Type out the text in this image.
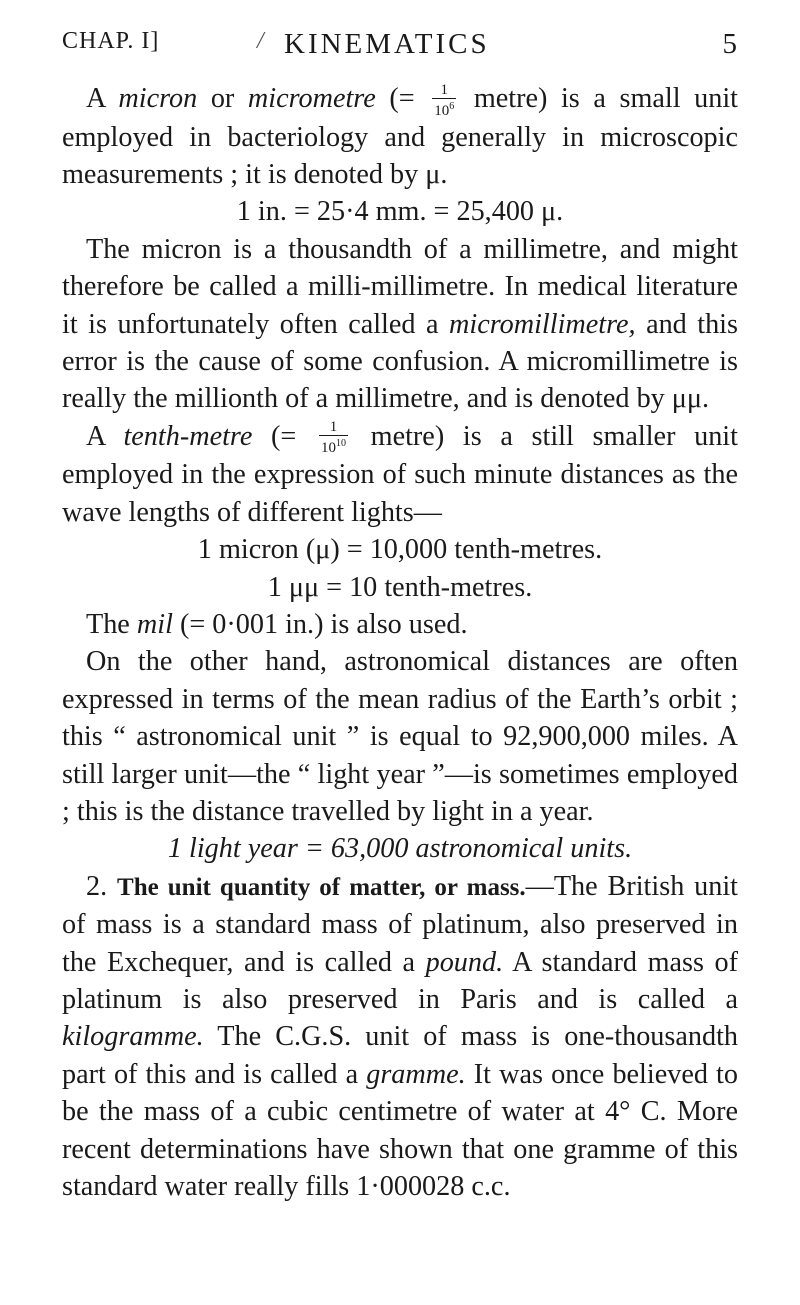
CHAP. I]	/ KINEMATICS	5

A micron or micrometre (= $\frac{1}{10^6}$ metre) is a small unit employed in bacteriology and generally in microscopic measurements ; it is denoted by μ.

1 in. = 25·4 mm. = 25,400 μ.

The micron is a thousandth of a millimetre, and might therefore be called a milli-millimetre. In medical literature it is unfortunately often called a micromillimetre, and this error is the cause of some confusion. A micromillimetre is really the millionth of a millimetre, and is denoted by μμ.

A tenth-metre (= $\frac{1}{10^{10}}$ metre) is a still smaller unit employed in the expression of such minute distances as the wave lengths of different lights—

1 micron (μ) = 10,000 tenth-metres.

1 μμ = 10 tenth-metres.

The mil (= 0·001 in.) is also used.

On the other hand, astronomical distances are often expressed in terms of the mean radius of the Earth’s orbit ; this “ astronomical unit ” is equal to 92,900,000 miles. A still larger unit—the “ light year ”—is sometimes employed ; this is the distance travelled by light in a year.

1 light year = 63,000 astronomical units.

2. The unit quantity of matter, or mass.—The British unit of mass is a standard mass of platinum, also preserved in the Exchequer, and is called a pound. A standard mass of platinum is also preserved in Paris and is called a kilogramme. The C.G.S. unit of mass is one-thousandth part of this and is called a gramme. It was once believed to be the mass of a cubic centimetre of water at 4° C. More recent determinations have shown that one gramme of this standard water really fills 1·000028 c.c.
